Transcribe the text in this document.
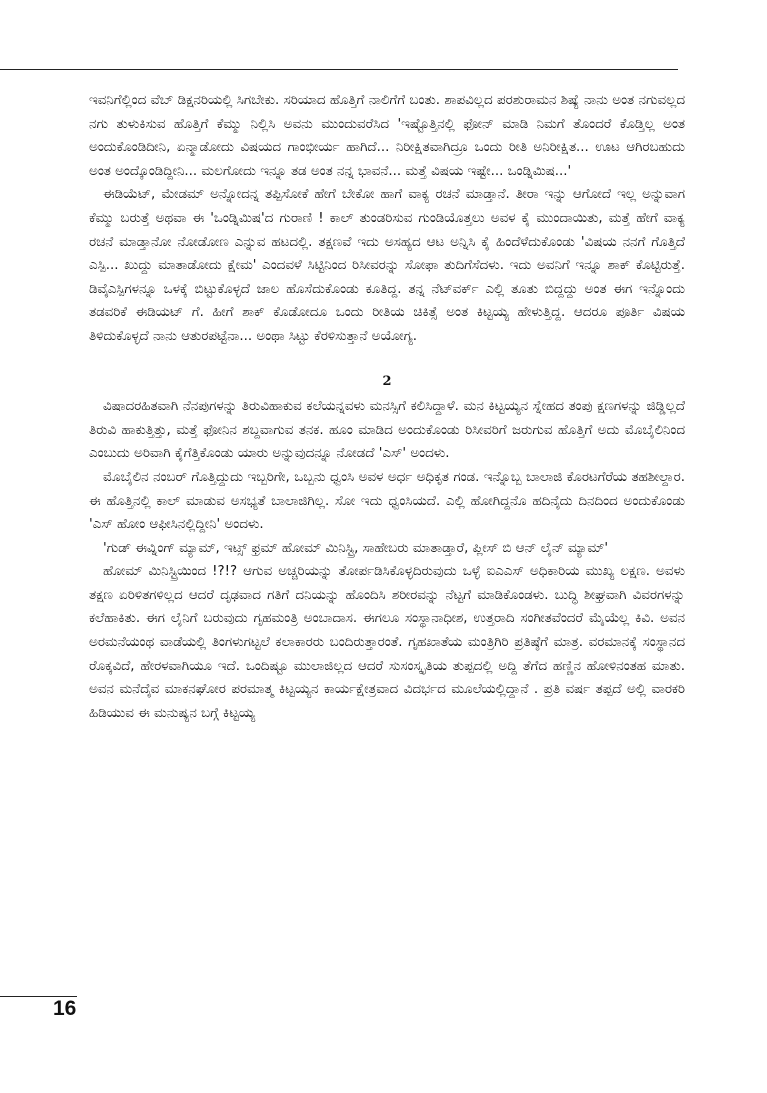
ಇವನಿಗೆಲ್ಲಿಂದ ವೆಬ್ ಡಿಕ್ಷನರಿಯಲ್ಲಿ ಸಿಗಬೇಕು. ಸರಿಯಾದ ಹೊತ್ತಿಗೆ ನಾಲಿಗೆಗೆ ಬಂತು. ಶಾಪವಿಲ್ಲದ ಪರಶುರಾಮನ ಶಿಷ್ಯೆ ನಾನು ಅಂತ ನಗುವಲ್ಲದ ನಗು ತುಳುಕಿಸುವ ಹೊತ್ತಿಗೆ ಕೆಮ್ಮು ನಿಲ್ಲಿಸಿ ಅವನು ಮುಂದುವರೆಸಿದ 'ಇಷ್ಟೊತ್ತಿನಲ್ಲಿ ಫೋನ್ ಮಾಡಿ ನಿಮಗೆ ತೊಂದರೆ ಕೊಡ್ತಿಲ್ಲ ಅಂತ ಅಂದುಕೊಂಡಿದೀನಿ, ಏನ್ಮಾಡೋದು ವಿಷಯದ ಗಾಂಭೀರ್ಯ ಹಾಗಿದೆ... ನಿರೀಕ್ಷಿತವಾಗಿದ್ರೂ ಒಂದು ರೀತಿ ಅನಿರೀಕ್ಷಿತ... ಊಟ ಆಗಿರಬಹುದು ಅಂತ ಅಂದ್ಕೊಂಡಿದ್ದೀನಿ... ಮಲಗೋದು ಇನ್ನೂ ತಡ ಅಂತ ನನ್ನ ಭಾವನೆ... ಮತ್ತೆ ವಿಷಯ ಇಷ್ಟೇ... ಒಂಡ್ನಿಮಿಷ...'

ಈಡಿಯೆಟ್, ಮೇಡಮ್ ಅನ್ನೋದನ್ನ ತಪ್ಪಿಸೋಕೆ ಹೇಗೆ ಬೇಕೋ ಹಾಗೆ ವಾಕ್ಯ ರಚನೆ ಮಾಡ್ತಾನೆ. ತೀರಾ ಇನ್ನು ಆಗೋದೆ ಇಲ್ಲ ಅನ್ನುವಾಗ ಕೆಮ್ಮು ಬರುತ್ತೆ ಅಥವಾ ಈ 'ಒಂಡ್ನಿಮಿಷ'ದ ಗುರಾಣಿ ! ಕಾಲ್ ತುಂಡರಿಸುವ ಗುಂಡಿಯೊತ್ತಲು ಅವಳ ಕೈ ಮುಂದಾಯಿತು, ಮತ್ತೆ ಹೇಗೆ ವಾಕ್ಯ ರಚನೆ ಮಾಡ್ತಾನೋ ನೋಡೋಣ ಎನ್ನುವ ಹಟದಲ್ಲಿ. ತಕ್ಷಣವೆ ಇದು ಅಸಹ್ಯದ ಆಟ ಅನ್ನಿಸಿ ಕೈ ಹಿಂದೆಳೆದುಕೊಂಡು 'ವಿಷಯ ನನಗೆ ಗೊತ್ತಿದೆ ಎಸ್ಪಿ... ಖುದ್ದು ಮಾತಾಡೋದು ಕ್ಷೇಮ' ಎಂದವಳೆ ಸಿಟ್ಟಿನಿಂದ ರಿಸೀವರನ್ನು ಸೋಫಾ ತುದಿಗೆಸೆದಳು. ಇದು ಅವನಿಗೆ ಇನ್ನೂ ಶಾಕ್ ಕೊಟ್ಟಿರುತ್ತೆ. ಡಿವೈಎಸ್ಪಿಗಳನ್ನೂ ಒಳಕ್ಕೆ ಬಿಟ್ಟುಕೊಳ್ಳದೆ ಜಾಲ ಹೊಸೆದುಕೊಂಡು ಕೂತಿದ್ದ. ತನ್ನ ನೆಟ್‌ವರ್ಕ್ ಎಲ್ಲಿ ತೂತು ಬಿದ್ದದ್ದು ಅಂತ ಈಗ ಇನ್ನೊಂದು ತಡವರಿಕೆ ಈಡಿಯಟ್ ಗೆ. ಹೀಗೆ ಶಾಕ್ ಕೊಡೋದೂ ಒಂದು ರೀತಿಯ ಚಿಕಿತ್ಸೆ ಅಂತ ಕಿಟ್ಟಯ್ಯ ಹೇಳುತ್ತಿದ್ದ. ಆದರೂ ಪೂರ್ತಿ ವಿಷಯ ತಿಳಿದುಕೊಳ್ಳದೆ ನಾನು ಆತುರಪಟ್ಟೆನಾ... ಅಂಥಾ ಸಿಟ್ಟು ಕೆರಳಿಸುತ್ತಾನೆ ಅಯೋಗ್ಯ.

2

ವಿಷಾದರಹಿತವಾಗಿ ನೆನಪುಗಳನ್ನು ತಿರುವಿಹಾಕುವ ಕಲೆಯನ್ನವಳು ಮನಸ್ಸಿಗೆ ಕಲಿಸಿದ್ದಾಳೆ. ಮನ ಕಿಟ್ಟಯ್ಯನ ಸ್ನೇಹದ ತಂಪು ಕ್ಷಣಗಳನ್ನು ಜಿಡ್ಡಿಲ್ಲದೆ ತಿರುವಿ ಹಾಕುತ್ತಿತ್ತು, ಮತ್ತೆ ಫೋನಿನ ಶಬ್ದವಾಗುವ ತನಕ. ಹೂಂ ಮಾಡಿದ ಅಂದುಕೊಂಡು ರಿಸೀವರಿಗೆ ಜರುಗುವ ಹೊತ್ತಿಗೆ ಅದು ಮೊಬೈಲಿನಿಂದ ಎಂಬುದು ಅರಿವಾಗಿ ಕೈಗೆತ್ತಿಕೊಂಡು ಯಾರು ಅನ್ನುವುದನ್ನೂ ನೋಡದೆ 'ಎಸ್' ಅಂದಳು.

ಮೊಬೈಲಿನ ನಂಬರ್ ಗೊತ್ತಿದ್ದುದು ಇಬ್ಬರಿಗೇ, ಒಬ್ಬನು ಧ್ವಂಸಿ ಅವಳ ಅರ್ಧ ಅಧಿಕೃತ ಗಂಡ. ಇನ್ನೊಬ್ಬ ಬಾಲಾಜಿ ಕೊರಟಗೆರೆಯ ತಹಶೀಲ್ದಾರ. ಈ ಹೊತ್ತಿನಲ್ಲಿ ಕಾಲ್ ಮಾಡುವ ಅಸಭ್ಯತೆ ಬಾಲಾಜಿಗಿಲ್ಲ. ಸೋ ಇದು ಧ್ವಂಸಿಯದೆ. ಎಲ್ಲಿ ಹೋಗಿದ್ದನೊ ಹದಿನೈದು ದಿನದಿಂದ ಅಂದುಕೊಂಡು 'ಎಸ್ ಹೋಂ ಆಫೀಸಿನಲ್ಲಿದ್ದೀನಿ' ಅಂದಳು.

'ಗುಡ್ ಈವ್ನಿಂಗ್ ಮ್ಯಾಮ್, ಇಟ್ಸ್ ಫ್ರಮ್ ಹೋಮ್ ಮಿನಿಸ್ಟ್ರಿ, ಸಾಹೇಬರು ಮಾತಾಡ್ತಾರೆ, ಪ್ಲೀಸ್ ಬಿ ಆನ್ ಲೈನ್ ಮ್ಯಾಮ್'

ಹೋಮ್ ಮಿನಿಸ್ಟ್ರಿಯಿಂದ !?!? ಆಗುವ ಅಚ್ಚರಿಯನ್ನು ತೋರ್ಪಡಿಸಿಕೊಳ್ಳದಿರುವುದು ಒಳ್ಳೆ ಐಎಎಸ್ ಅಧಿಕಾರಿಯ ಮುಖ್ಯ ಲಕ್ಷಣ. ಅವಳು ತಕ್ಷಣ ಏರಿಳಿತಗಳಿಲ್ಲದ ಆದರೆ ದೃಢವಾದ ಗತಿಗೆ ದನಿಯನ್ನು ಹೊಂದಿಸಿ ಶರೀರವನ್ನು ನೆಟ್ಟಗೆ ಮಾಡಿಕೊಂಡಳು. ಬುದ್ಧಿ ಶೀಘ್ರವಾಗಿ ವಿವರಗಳನ್ನು ಕಲೆಹಾಕಿತು. ಈಗ ಲೈನಿಗೆ ಬರುವುದು ಗೃಹಮಂತ್ರಿ ಅಂಬಾದಾಸ. ಈಗಲೂ ಸಂಸ್ಥಾನಾಧೀಶ, ಉತ್ತರಾದಿ ಸಂಗೀತವೆಂದರೆ ಮೈಯೆಲ್ಲ ಕಿವಿ. ಅವನ ಅರಮನೆಯಂಥ ವಾಡೆಯಲ್ಲಿ ತಿಂಗಳುಗಟ್ಟಲೆ ಕಲಾಕಾರರು ಬಂದಿರುತ್ತಾರಂತೆ. ಗೃಹಖಾತೆಯ ಮಂತ್ರಿಗಿರಿ ಪ್ರತಿಷ್ಠೆಗೆ ಮಾತ್ರ. ವರಮಾನಕ್ಕೆ ಸಂಸ್ಥಾನದ ರೊಕ್ಕವಿದೆ, ಹೇರಳವಾಗಿಯೂ ಇದೆ. ಒಂದಿಷ್ಟೂ ಮುಲಾಜಿಲ್ಲದ ಆದರೆ ಸುಸಂಸ್ಕೃತಿಯ ತುಪ್ಪದಲ್ಲಿ ಅದ್ದಿ ತೆಗೆದ ಹಣ್ಣಿನ ಹೋಳಿನಂತಹ ಮಾತು. ಅವನ ಮನೆದೈವ ಮಾಕನಘೋರ ಪರಮಾತ್ಮ ಕಿಟ್ಟಯ್ಯನ ಕಾರ್ಯಕ್ಷೇತ್ರವಾದ ವಿದರ್ಭದ ಮೂಲೆಯಲ್ಲಿದ್ದಾನೆ . ಪ್ರತಿ ವರ್ಷ ತಪ್ಪದೆ ಅಲ್ಲಿ ವಾರಕರಿ ಹಿಡಿಯುವ ಈ ಮನುಷ್ಯನ ಬಗ್ಗೆ ಕಿಟ್ಟಯ್ಯ

16
